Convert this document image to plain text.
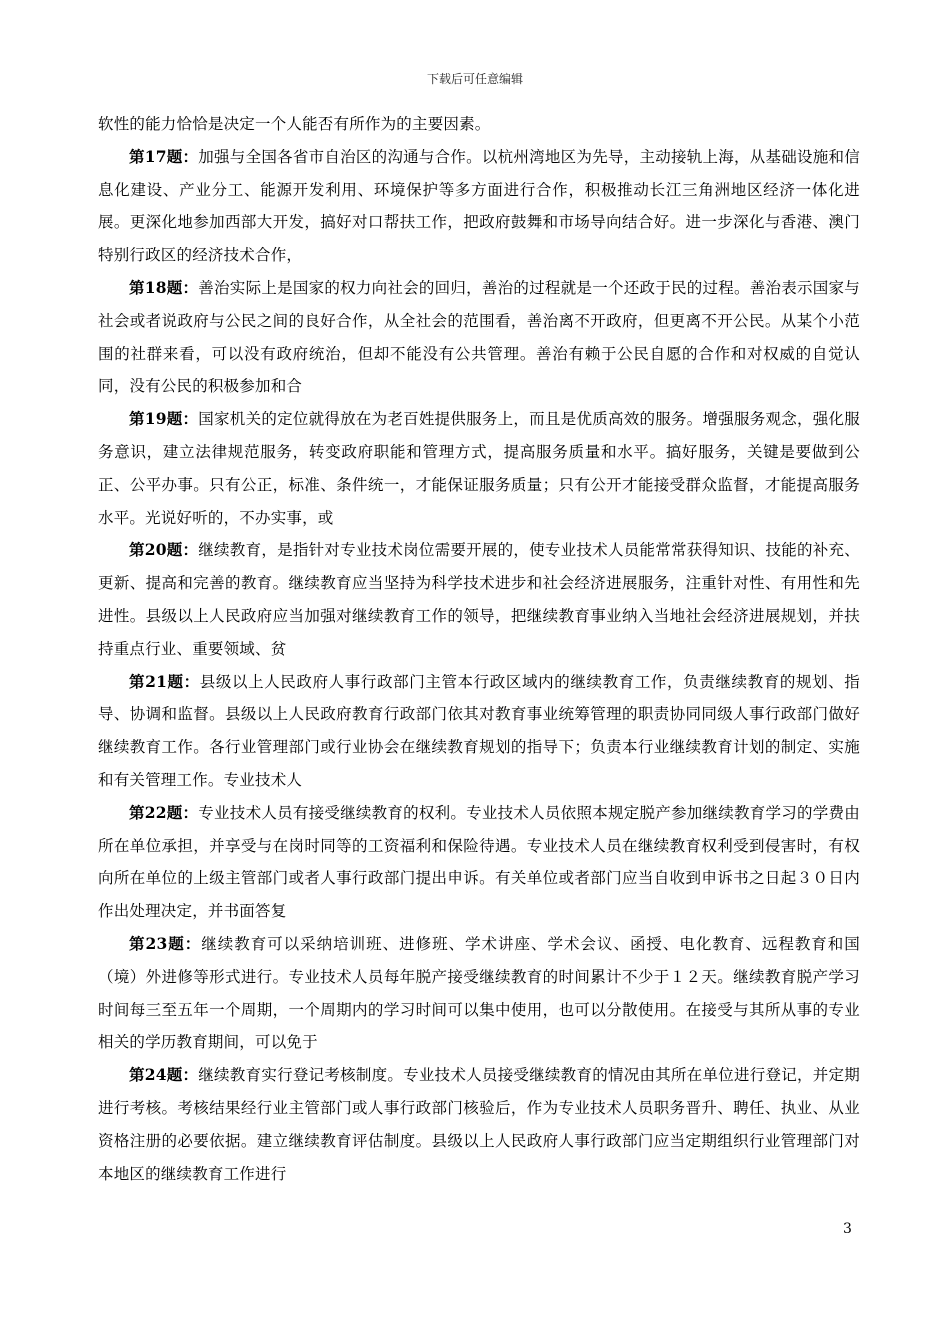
下载后可任意编辑

软性的能力恰恰是决定一个人能否有所作为的主要因素。

第17题：加强与全国各省市自治区的沟通与合作。以杭州湾地区为先导，主动接轨上海，从基础设施和信息化建设、产业分工、能源开发利用、环境保护等多方面进行合作，积极推动长江三角洲地区经济一体化进展。更深化地参加西部大开发，搞好对口帮扶工作，把政府鼓舞和市场导向结合好。进一步深化与香港、澳门特别行政区的经济技术合作，

第18题：善治实际上是国家的权力向社会的回归，善治的过程就是一个还政于民的过程。善治表示国家与社会或者说政府与公民之间的良好合作，从全社会的范围看，善治离不开政府，但更离不开公民。从某个小范围的社群来看，可以没有政府统治，但却不能没有公共管理。善治有赖于公民自愿的合作和对权威的自觉认同，没有公民的积极参加和合

第19题：国家机关的定位就得放在为老百姓提供服务上，而且是优质高效的服务。增强服务观念，强化服务意识，建立法律规范服务，转变政府职能和管理方式，提高服务质量和水平。搞好服务，关键是要做到公正、公平办事。只有公正，标准、条件统一，才能保证服务质量；只有公开才能接受群众监督，才能提高服务水平。光说好听的，不办实事，或

第20题：继续教育，是指针对专业技术岗位需要开展的，使专业技术人员能常常获得知识、技能的补充、更新、提高和完善的教育。继续教育应当坚持为科学技术进步和社会经济进展服务，注重针对性、有用性和先进性。县级以上人民政府应当加强对继续教育工作的领导，把继续教育事业纳入当地社会经济进展规划，并扶持重点行业、重要领域、贫

第21题：县级以上人民政府人事行政部门主管本行政区域内的继续教育工作，负责继续教育的规划、指导、协调和监督。县级以上人民政府教育行政部门依其对教育事业统筹管理的职责协同同级人事行政部门做好继续教育工作。各行业管理部门或行业协会在继续教育规划的指导下；负责本行业继续教育计划的制定、实施和有关管理工作。专业技术人

第22题：专业技术人员有接受继续教育的权利。专业技术人员依照本规定脱产参加继续教育学习的学费由所在单位承担，并享受与在岗时同等的工资福利和保险待遇。专业技术人员在继续教育权利受到侵害时，有权向所在单位的上级主管部门或者人事行政部门提出申诉。有关单位或者部门应当自收到申诉书之日起３０日内作出处理决定，并书面答复

第23题：继续教育可以采纳培训班、进修班、学术讲座、学术会议、函授、电化教育、远程教育和国（境）外进修等形式进行。专业技术人员每年脱产接受继续教育的时间累计不少于１２天。继续教育脱产学习时间每三至五年一个周期，一个周期内的学习时间可以集中使用，也可以分散使用。在接受与其所从事的专业相关的学历教育期间，可以免于

第24题：继续教育实行登记考核制度。专业技术人员接受继续教育的情况由其所在单位进行登记，并定期进行考核。考核结果经行业主管部门或人事行政部门核验后，作为专业技术人员职务晋升、聘任、执业、从业资格注册的必要依据。建立继续教育评估制度。县级以上人民政府人事行政部门应当定期组织行业管理部门对本地区的继续教育工作进行

3
